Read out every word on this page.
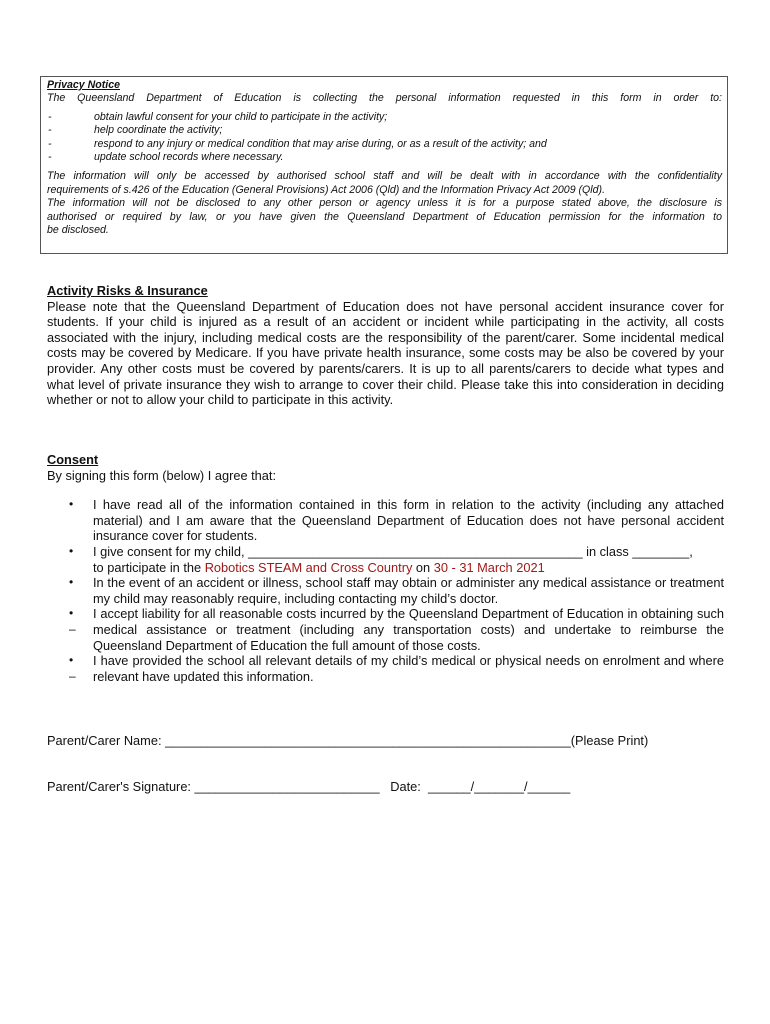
Privacy Notice
The Queensland Department of Education is collecting the personal information requested in this form in order to:
-	obtain lawful consent for your child to participate in the activity;
-	help coordinate the activity;
-	respond to any injury or medical condition that may arise during, or as a result of the activity; and
-	update school records where necessary.
The information will only be accessed by authorised school staff and will be dealt with in accordance with the confidentiality
requirements of s.426 of the Education (General Provisions) Act 2006 (Qld) and the Information Privacy Act 2009 (Qld).
The information will not be disclosed to any other person or agency unless it is for a purpose stated above, the disclosure is
authorised or required by law, or you have given the Queensland Department of Education permission for the information to
be disclosed.
Activity Risks & Insurance
Please note that the Queensland Department of Education does not have personal accident insurance cover for students. If your child is injured as a result of an accident or incident while participating in the activity, all costs associated with the injury, including medical costs are the responsibility of the parent/carer. Some incidental medical costs may be covered by Medicare. If you have private health insurance, some costs may be also be covered by your provider. Any other costs must be covered by parents/carers. It is up to all parents/carers to decide what types and what level of private insurance they wish to arrange to cover their child. Please take this into consideration in deciding whether or not to allow your child to participate in this activity.
Consent
By signing this form (below) I agree that:
• I have read all of the information contained in this form in relation to the activity (including any attached material) and I am aware that the Queensland Department of Education does not have personal accident insurance cover for students.
• I give consent for my child, _______________________________________________ in class ________,
to participate in the Robotics STEAM and Cross Country on 30 - 31 March 2021
• In the event of an accident or illness, school staff may obtain or administer any medical assistance or treatment my child may reasonably require, including contacting my child’s doctor.
•
–
I accept liability for all reasonable costs incurred by the Queensland Department of Education in obtaining such medical assistance or treatment (including any transportation costs) and undertake to reimburse the Queensland Department of Education the full amount of those costs.
•
–
I have provided the school all relevant details of my child’s medical or physical needs on enrolment and where relevant have updated this information.
Parent/Carer Name: _________________________________________________________(Please Print)
Parent/Carer's Signature: __________________________   Date:  ______/_______/______
